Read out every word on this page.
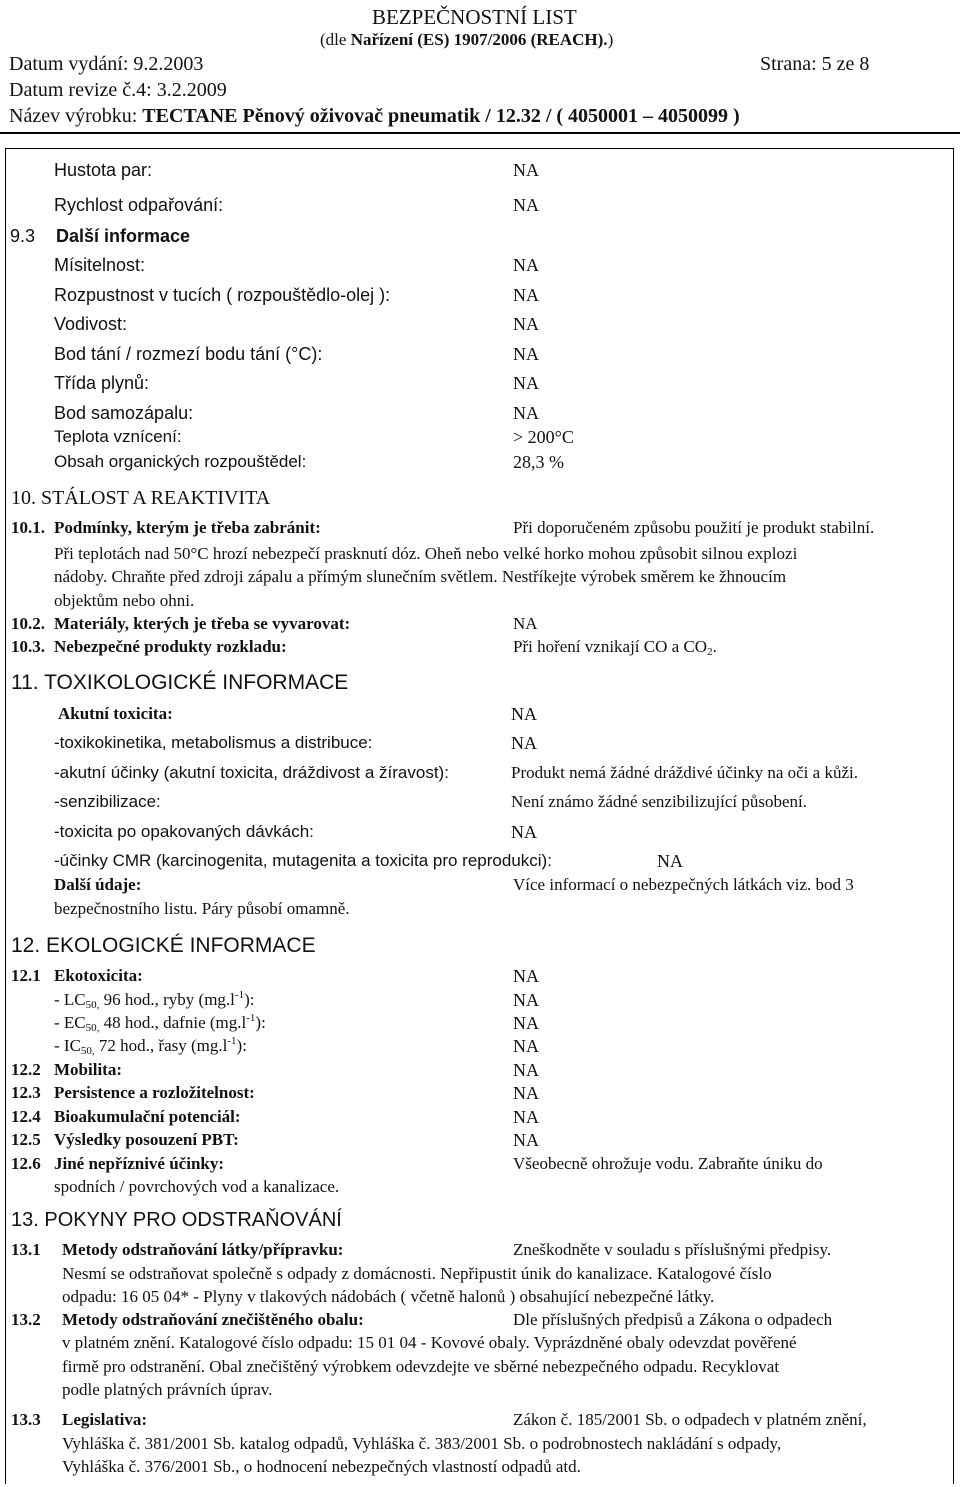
BEZPEČNOSTNÍ LIST
(dle Nařízení (ES) 1907/2006 (REACH).)
Datum vydání: 9.2.2003	Strana: 5 ze 8
Datum revize č.4: 3.2.2009
Název výrobku: TECTANE Pěnový oživovač pneumatik / 12.32 / ( 4050001 – 4050099 )
Hustota par:	NA
Rychlost odpařování:	NA
9.3 Další informace
Mísitelnost:	NA
Rozpustnost v tucích ( rozpouštědlo-olej ):	NA
Vodivost:	NA
Bod tání / rozmezí bodu tání (°C):	NA
Třída plynů:	NA
Bod samozápalu:	NA
Teplota vznícení:	> 200°C
Obsah organických rozpouštědel:	28,3 %
10. STÁLOST A REAKTIVITA
10.1. Podmínky, kterým je třeba zabránit:	Při doporučeném způsobu použití je produkt stabilní.
Při teplotách nad 50°C hrozí nebezpečí prasknutí dóz. Oheň nebo velké horko mohou způsobit silnou explozi
nádoby. Chraňte před zdroji zápalu a přímým slunečním světlem. Nestříkejte výrobek směrem ke žhnoucím
objektům nebo ohni.
10.2. Materiály, kterých je třeba se vyvarovat:	NA
10.3. Nebezpečné produkty rozkladu:	Při hoření vznikají CO a $CO_2$.
11. TOXIKOLOGICKÉ INFORMACE
Akutní toxicita:	NA
-toxikokinetika, metabolismus a distribuce:	NA
-akutní účinky (akutní toxicita, dráždivost a žíravost):	Produkt nemá žádné dráždivé účinky na oči a kůži.
-senzibilizace:	Není známo žádné senzibilizující působení.
-toxicita po opakovaných dávkách:	NA
-účinky CMR (karcinogenita, mutagenita a toxicita pro reprodukci):	NA
Další údaje:	Více informací o nebezpečných látkách viz. bod 3
bezpečnostního listu. Páry působí omamně.
12. EKOLOGICKÉ INFORMACE
12.1 Ekotoxicita:	NA
- $LC_{50,}$ 96 hod., ryby $(mg.l^{-1})$:	NA
- $EC_{50,}$ 48 hod., dafnie $(mg.l^{-1})$:	NA
- $IC_{50,}$ 72 hod., řasy $(mg.l^{-1})$:	NA
12.2 Mobilita:	NA
12.3 Persistence a rozložitelnost:	NA
12.4 Bioakumulační potenciál:	NA
12.5 Výsledky posouzení PBT:	NA
12.6 Jiné nepříznivé účinky:	Všeobecně ohrožuje vodu. Zabraňte úniku do
spodních / povrchových vod a kanalizace.
13. POKYNY PRO ODSTRAŇOVÁNÍ
13.1 Metody odstraňování látky/přípravku:	Zneškodněte v souladu s příslušnými předpisy.
Nesmí se odstraňovat společně s odpady z domácnosti. Nepřipustit únik do kanalizace. Katalogové číslo
odpadu: 16 05 04* - Plyny v tlakových nádobách ( včetně halonů ) obsahující nebezpečné látky.
13.2 Metody odstraňování znečištěného obalu:	Dle příslušných předpisů a Zákona o odpadech
v platném znění. Katalogové číslo odpadu: 15 01 04 - Kovové obaly. Vyprázdněné obaly odevzdat pověřené
firmě pro odstranění. Obal znečištěný výrobkem odevzdejte ve sběrné nebezpečného odpadu. Recyklovat
podle platných právních úprav.
13.3 Legislativa:	Zákon č. 185/2001 Sb. o odpadech v platném znění,
Vyhláška č. 381/2001 Sb. katalog odpadů, Vyhláška č. 383/2001 Sb. o podrobnostech nakládání s odpady,
Vyhláška č. 376/2001 Sb., o hodnocení nebezpečných vlastností odpadů atd.
